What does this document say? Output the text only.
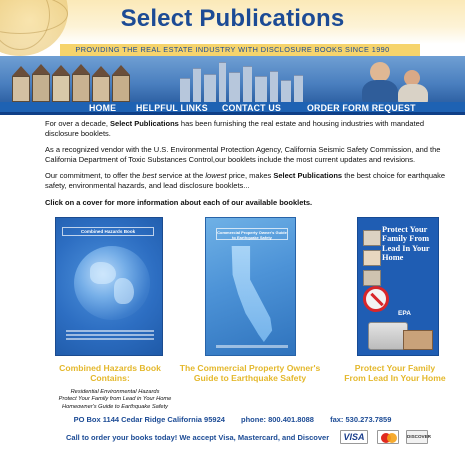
Select Publications
PROVIDING THE REAL ESTATE INDUSTRY WITH DISCLOSURE BOOKS SINCE 1990
HOME HELPFUL LINKS CONTACT US	ORDER FORM REQUEST

For over a decade, Select Publications has been furnishing the real estate and housing industries with mandated disclosure booklets.

As a recognized vendor with the U.S. Environmental Protection Agency, California Seismic Safety Commission, and the California Department of Toxic Substances Control,our booklets include the most current updates and revisions.

Our commitment, to offer the best service at the lowest price, makes Select Publications the best choice for earthquake safety, environmental hazards, and lead disclosure booklets...

Click on a cover for more information about each of our available booklets.

Combined Hazards Book	Commercial Property Owner's Guide to Earthquake Safety
Protect Your Family From Lead In Your Home
EPA
Combined Hazards Book
Contains:
The Commercial Property Owner's
Guide to Earthquake Safety
Protect Your Family
From Lead In Your Home
Residential Environmental Hazards
Protect Your Family from Lead in Your Home
Homeowner's Guide to Earthquake Safety
PO Box 1144 Cedar Ridge California 95924 phone: 800.401.8088 fax: 530.273.7859
Call to order your books today! We accept Visa, Mastercard, and Discover	VISA	DISCOVER
